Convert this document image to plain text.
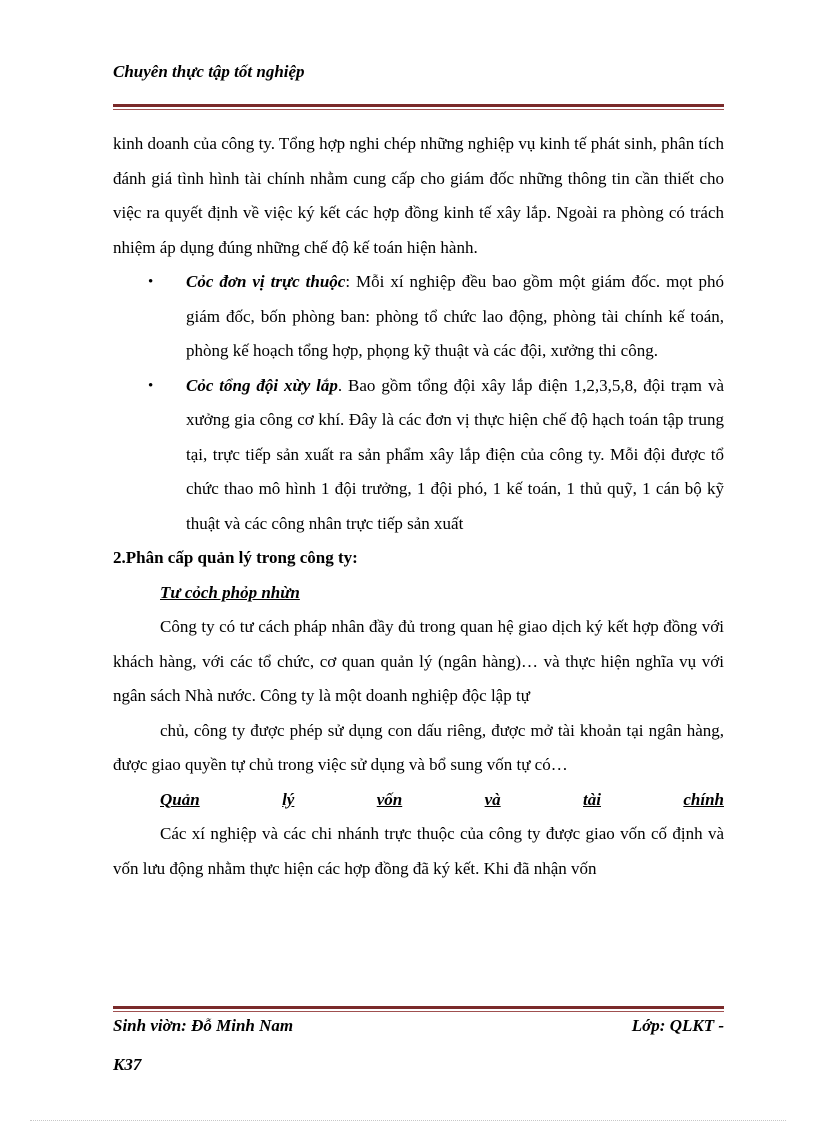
Chuyên thực tập tốt nghiệp

kinh doanh của công ty. Tổng hợp nghi chép những nghiệp vụ kinh tế phát sinh, phân tích đánh giá tình hình tài chính nhằm cung cấp cho giám đốc những thông tin cần thiết cho việc ra quyết định về việc ký kết các hợp đồng kinh tế xây lắp. Ngoài ra phòng có trách nhiệm áp dụng đúng những chế độ kế toán hiện hành.

• Cỏc đơn vị trực thuộc: Mỗi xí nghiệp đều bao gồm một giám đốc. mọt phó giám đốc, bốn phòng ban: phòng tổ chức lao động, phòng tài chính kế toán, phòng kế hoạch tổng hợp, phọng kỹ thuật và các đội, xưởng thi công.
• Cỏc tổng đội xừy lắp. Bao gồm tổng đội xây lắp điện 1,2,3,5,8, đội trạm và xưởng gia công cơ khí. Đây là các đơn vị thực hiện chế độ hạch toán tập trung tại, trực tiếp sản xuất ra sản phẩm xây lắp điện của công ty. Mỗi đội được tổ chức thao mô hình 1 đội trưởng, 1 đội phó, 1 kế toán, 1 thủ quỹ, 1 cán bộ kỹ thuật và các công nhân trực tiếp sản xuất

2.Phân cấp quản lý trong công ty:

Tư cỏch phỏp nhừn

Công ty có tư cách pháp nhân đầy đủ trong quan hệ giao dịch ký kết hợp đồng với khách hàng, với các tổ chức, cơ quan quản lý (ngân hàng)… và thực hiện nghĩa vụ với ngân sách Nhà nước. Công ty là một doanh nghiệp độc lập tự

chủ, công ty được phép sử dụng con dấu riêng, được mở tài khoản tại ngân hàng, được giao quyền tự chủ trong việc sử dụng và bổ sung vốn tự có…

Quản	lý	vốn	và	tài	chính

Các xí nghiệp và các chi nhánh trực thuộc của công ty được giao vốn cố định và vốn lưu động nhằm thực hiện các hợp đồng đã ký kết. Khi đã nhận vốn

Sinh viờn: Đỗ Minh Nam	Lớp: QLKT -
K37
